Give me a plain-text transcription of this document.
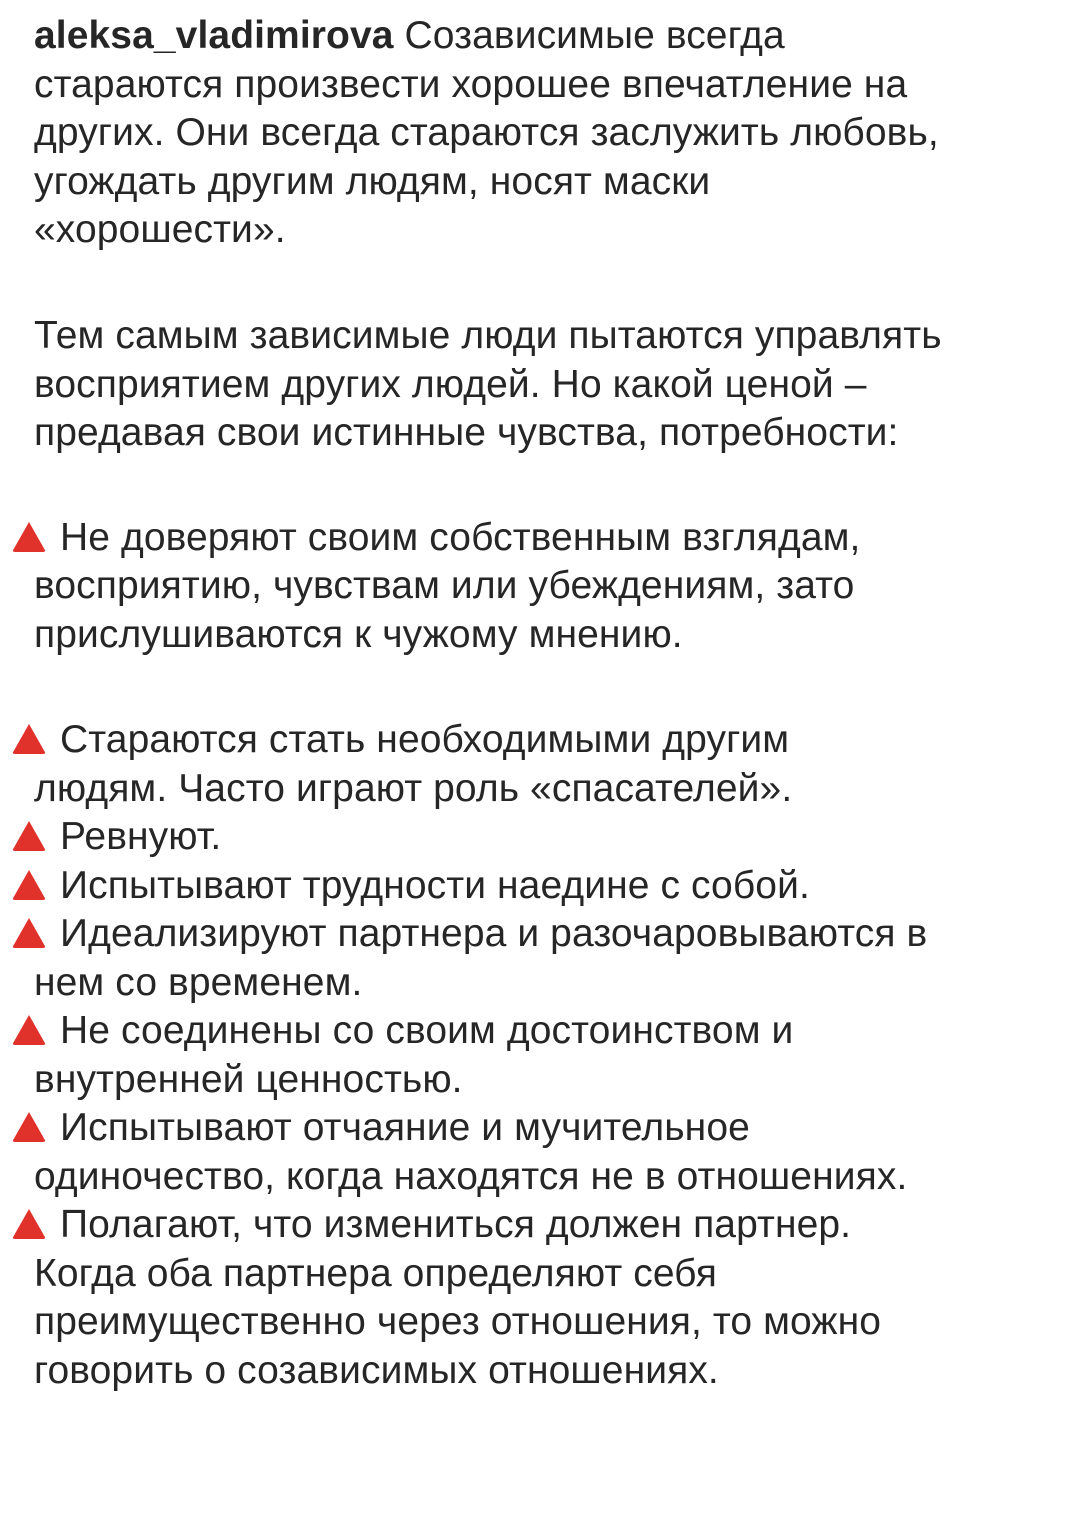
aleksa_vladimirova Созависимые всегда
стараются произвести хорошее впечатление на
других. Они всегда стараются заслужить любовь,
угождать другим людям, носят маски
«хорошести».
Тем самым зависимые люди пытаются управлять
восприятием других людей. Но какой ценой –
предавая свои истинные чувства, потребности:
Не доверяют своим собственным взглядам,
восприятию, чувствам или убеждениям, зато
прислушиваются к чужому мнению.
Стараются стать необходимыми другим
людям. Часто играют роль «спасателей».
Ревнуют.
Испытывают трудности наедине с собой.
Идеализируют партнера и разочаровываются в
нем со временем.
Не соединены со своим достоинством и
внутренней ценностью.
Испытывают отчаяние и мучительное
одиночество, когда находятся не в отношениях.
Полагают, что измениться должен партнер.
Когда оба партнера определяют себя
преимущественно через отношения, то можно
говорить о созависимых отношениях.
